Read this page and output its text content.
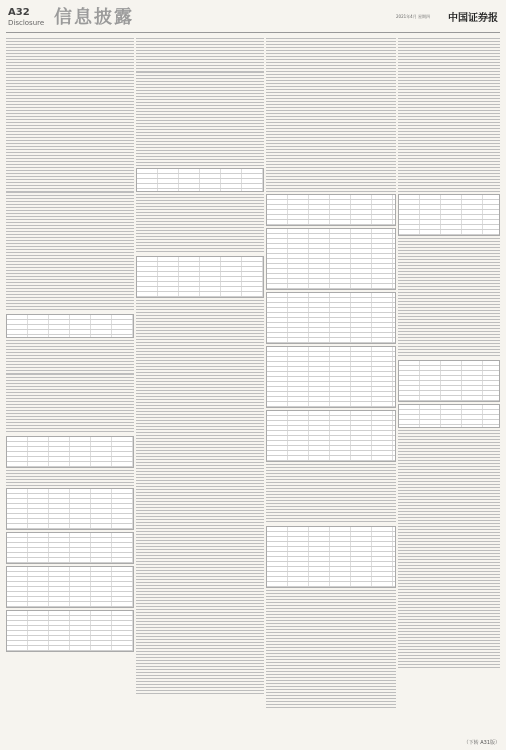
A32
Disclosure 信息披露	2021年4月 星期四 中国证券报
（下转 A31版）
